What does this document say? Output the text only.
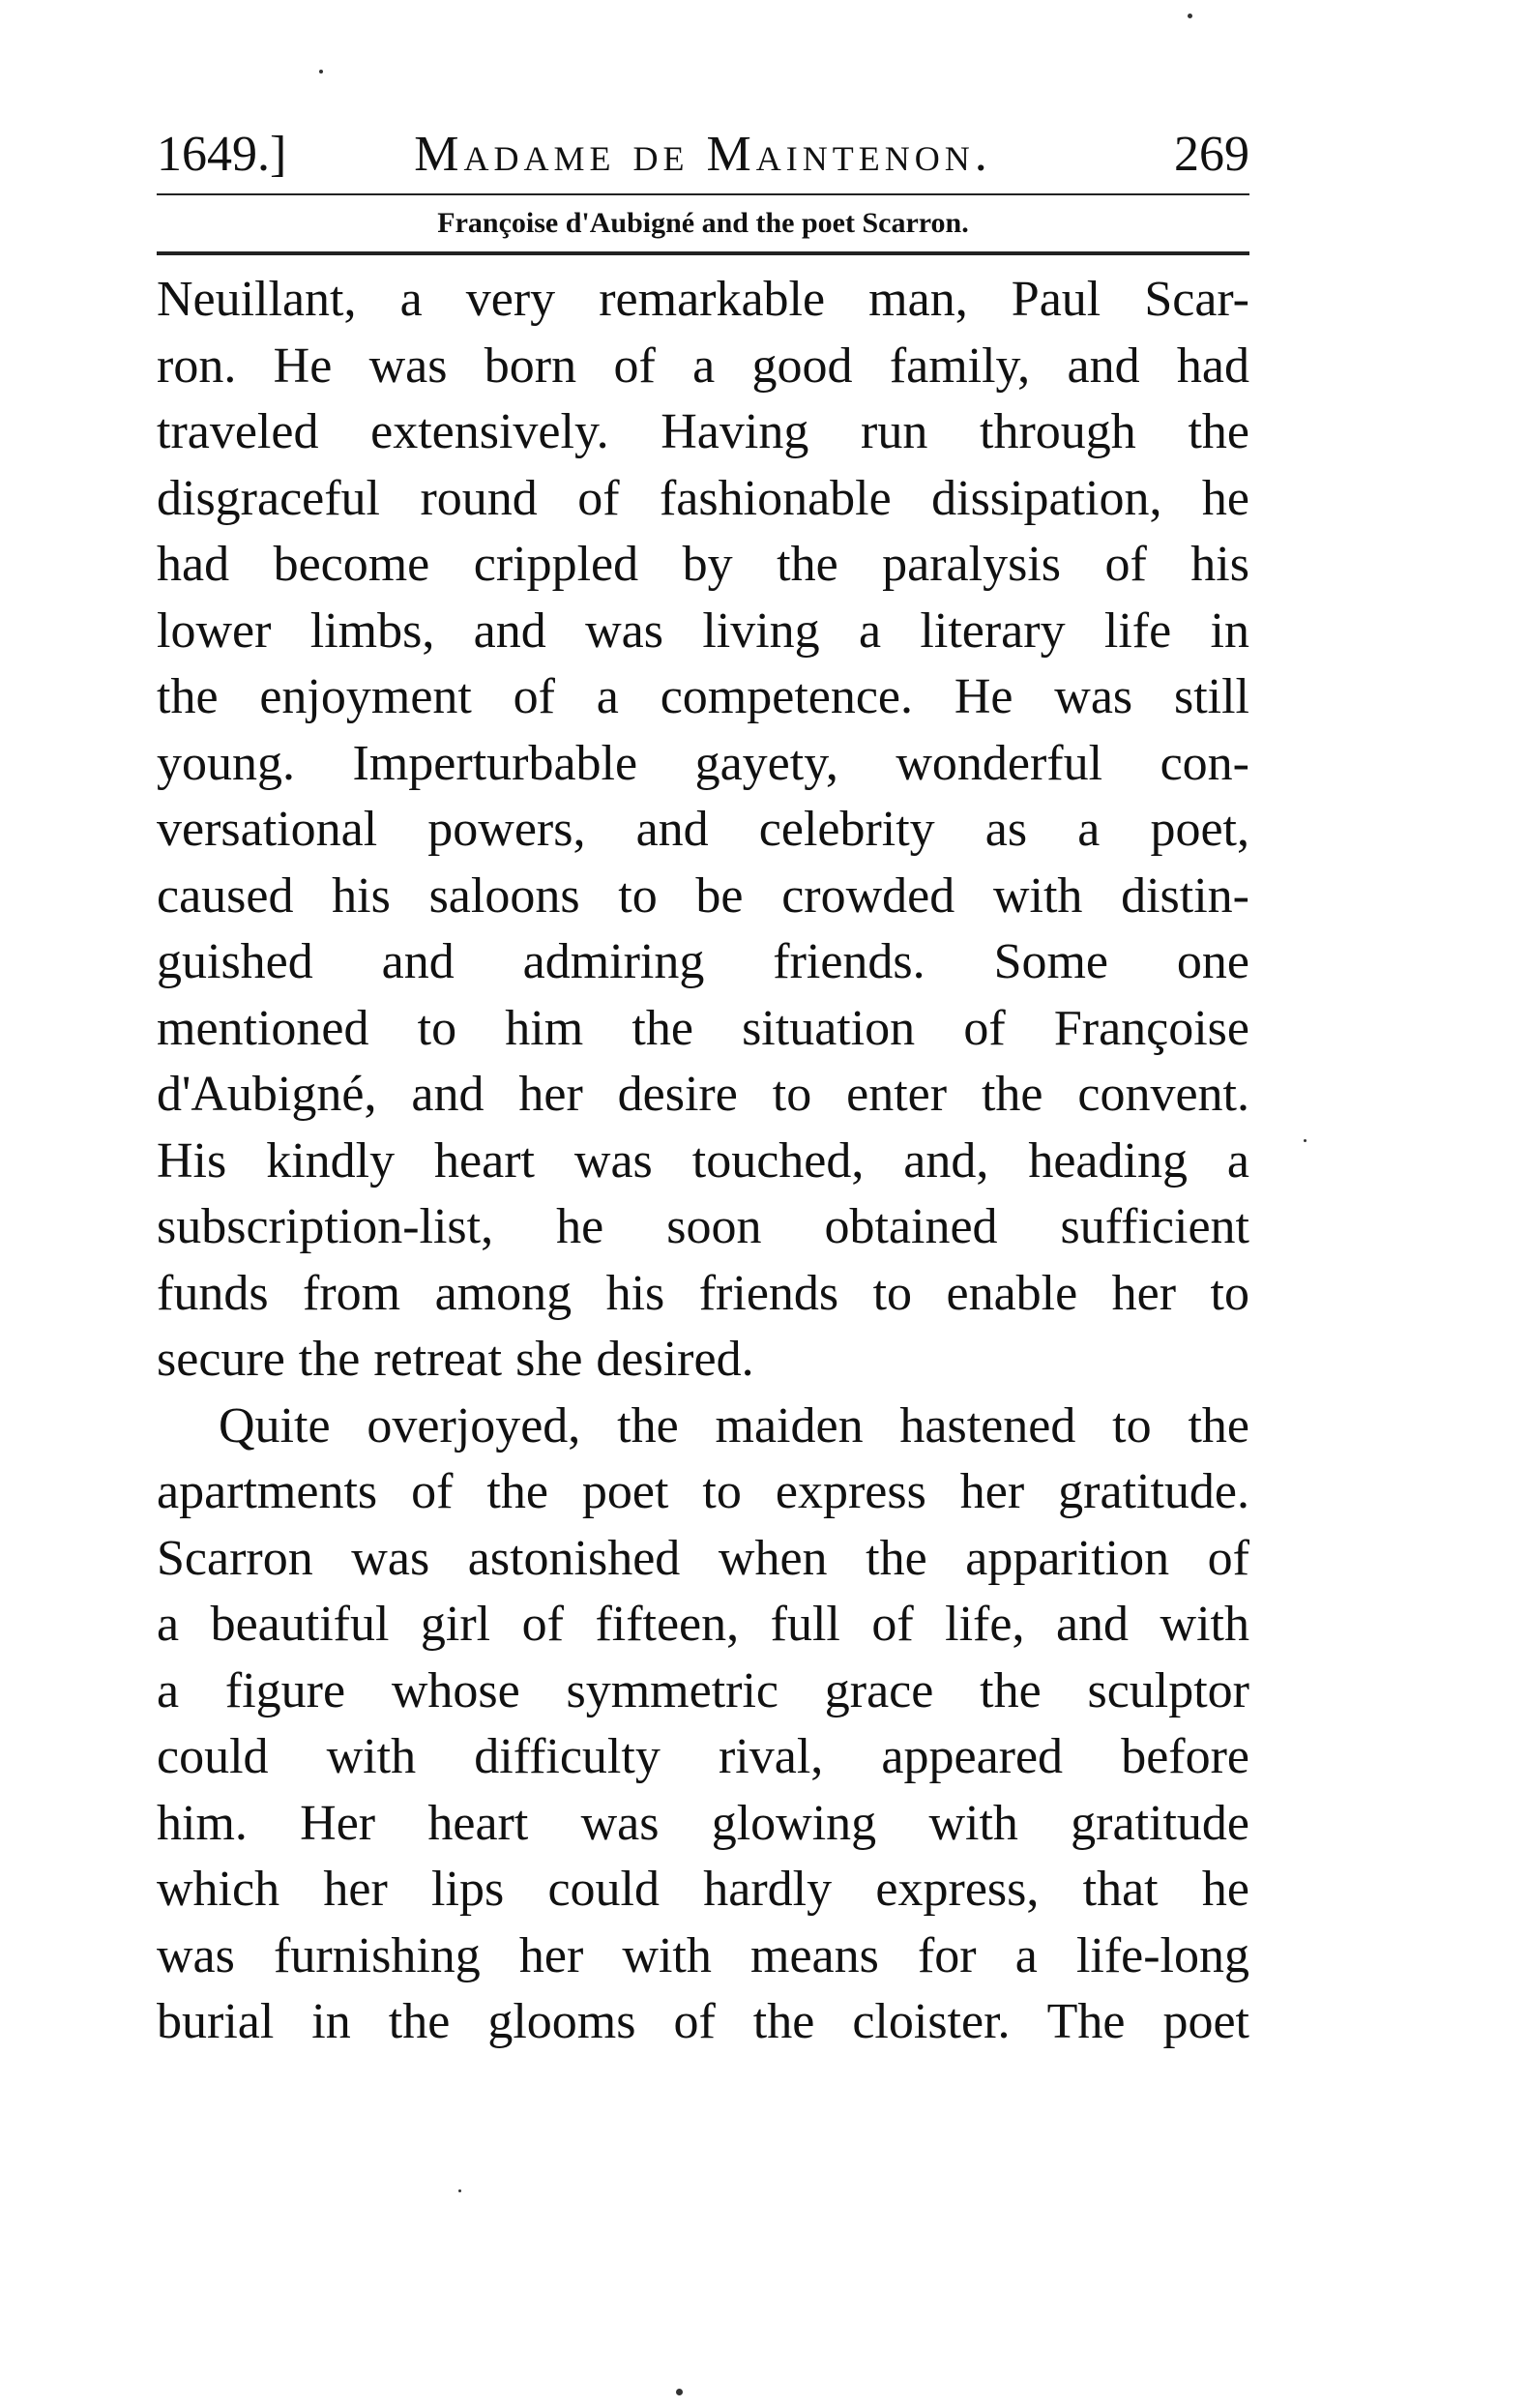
1649.]	Madame de Maintenon.	269
Françoise d'Aubigné and the poet Scarron.
Neuillant, a very remarkable man, Paul Scar-
ron. He was born of a good family, and had
traveled extensively. Having run through the
disgraceful round of fashionable dissipation, he
had become crippled by the paralysis of his
lower limbs, and was living a literary life in
the enjoyment of a competence. He was still
young. Imperturbable gayety, wonderful con-
versational powers, and celebrity as a poet,
caused his saloons to be crowded with distin-
guished and admiring friends. Some one
mentioned to him the situation of Françoise
d'Aubigné, and her desire to enter the convent.
His kindly heart was touched, and, heading a
subscription-list, he soon obtained sufficient
funds from among his friends to enable her to
secure the retreat she desired.
Quite overjoyed, the maiden hastened to the
apartments of the poet to express her gratitude.
Scarron was astonished when the apparition of
a beautiful girl of fifteen, full of life, and with
a figure whose symmetric grace the sculptor
could with difficulty rival, appeared before
him. Her heart was glowing with gratitude
which her lips could hardly express, that he
was furnishing her with means for a life-long
burial in the glooms of the cloister. The poet
